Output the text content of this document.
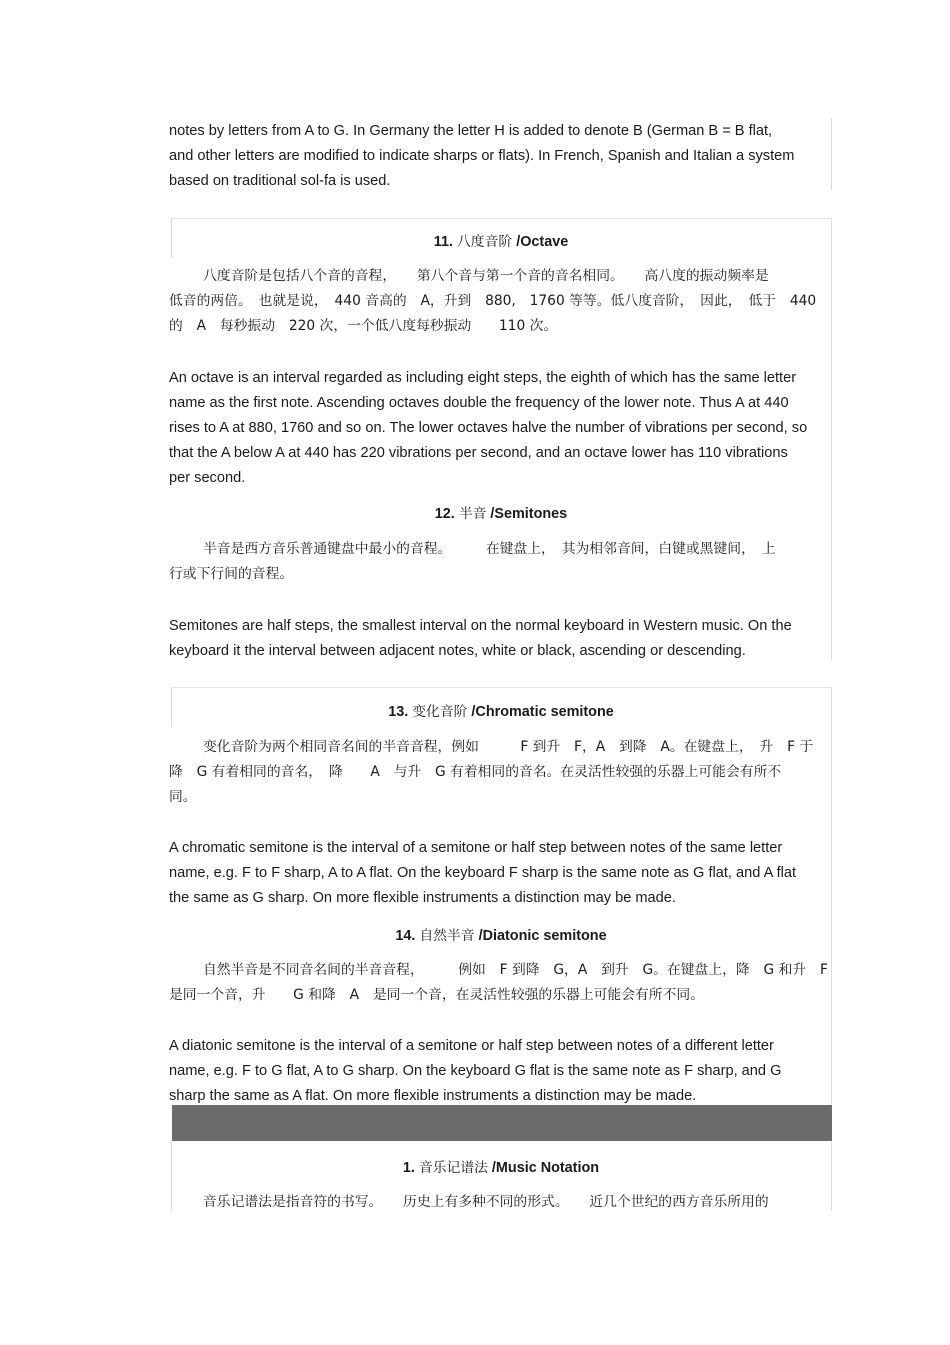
notes by letters from A to G. In Germany the letter H is added to denote B (German B = B flat,
and other letters are modified to indicate sharps or flats). In French, Spanish and Italian a system
based on traditional sol-fa is used.
11. 八度音阶 /Octave
八度音阶是包括八个音的音程，　　第八个音与第一个音的音名相同。　　高八度的振动频率是
低音的两倍。　也就是说，　440 音高的　A，升到　880,　1760 等等。低八度音阶，　因此，　低于　440
的　A　每秒振动　220 次，一个低八度每秒振动　　110 次。
An octave is an interval regarded as including eight steps, the eighth of which has the same letter
name as the first note. Ascending octaves double the frequency of the lower note. Thus A at 440
rises to A at 880, 1760 and so on. The lower octaves halve the number of vibrations per second, so
that the A below A at 440 has 220 vibrations per second, and an octave lower has 110 vibrations
per second.
12. 半音 /Semitones
半音是西方音乐普通键盘中最小的音程。　　　在键盘上，　其为相邻音间，白键或黑键间，　上
行或下行间的音程。
Semitones are half steps, the smallest interval on the normal keyboard in Western music. On the
keyboard it the interval between adjacent notes, white or black, ascending or descending.
13. 变化音阶 /Chromatic semitone
变化音阶为两个相同音名间的半音音程，例如　　　F 到升　F，A　到降　A。在键盘上，　升　F 于
降　G 有着相同的音名，　降　　A　与升　G 有着相同的音名。在灵活性较强的乐器上可能会有所不
同。
A chromatic semitone is the interval of a semitone or half step between notes of the same letter
name, e.g. F to F sharp, A to A flat. On the keyboard F sharp is the same note as G flat, and A flat
the same as G sharp. On more flexible instruments a distinction may be made.
14. 自然半音 /Diatonic semitone
自然半音是不同音名间的半音音程，　　　例如　F 到降　G，A　到升　G。在键盘上，降　G 和升　F
是同一个音，升　　G 和降　A　是同一个音，在灵活性较强的乐器上可能会有所不同。
A diatonic semitone is the interval of a semitone or half step between notes of a different letter
name, e.g. F to G flat, A to G sharp. On the keyboard G flat is the same note as F sharp, and G
sharp the same as A flat. On more flexible instruments a distinction may be made.
1. 音乐记谱法 /Music Notation
音乐记谱法是指音符的书写。　　历史上有多种不同的形式。　　近几个世纪的西方音乐所用的
